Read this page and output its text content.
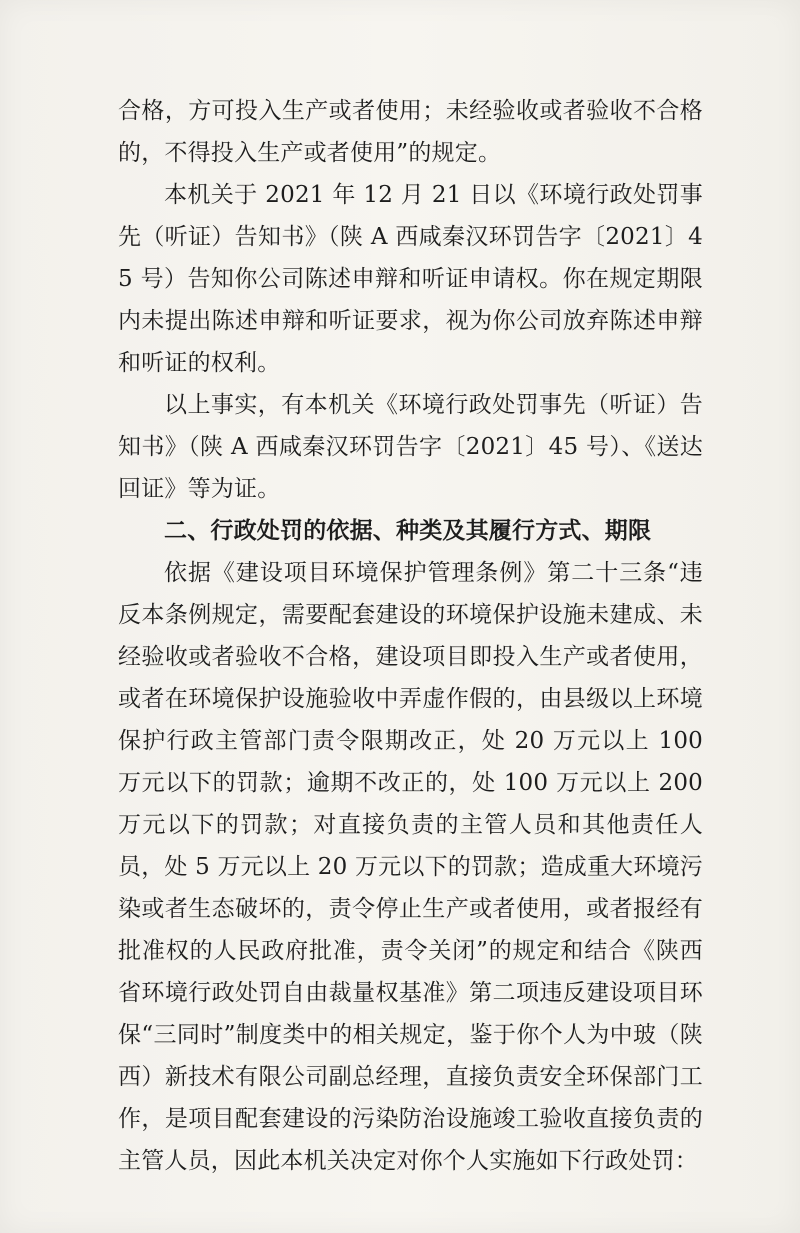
合格，方可投入生产或者使用；未经验收或者验收不合格的，不得投入生产或者使用”的规定。

本机关于 2021 年 12 月 21 日以《环境行政处罚事先（听证）告知书》（陕 A 西咸秦汉环罚告字〔2021〕45 号）告知你公司陈述申辩和听证申请权。你在规定期限内未提出陈述申辩和听证要求，视为你公司放弃陈述申辩和听证的权利。

以上事实，有本机关《环境行政处罚事先（听证）告知书》（陕 A 西咸秦汉环罚告字〔2021〕45 号）、《送达回证》等为证。

二、行政处罚的依据、种类及其履行方式、期限

依据《建设项目环境保护管理条例》第二十三条“违反本条例规定，需要配套建设的环境保护设施未建成、未经验收或者验收不合格，建设项目即投入生产或者使用，或者在环境保护设施验收中弄虚作假的，由县级以上环境保护行政主管部门责令限期改正，处 20 万元以上 100 万元以下的罚款；逾期不改正的，处 100 万元以上 200 万元以下的罚款；对直接负责的主管人员和其他责任人员，处 5 万元以上 20 万元以下的罚款；造成重大环境污染或者生态破坏的，责令停止生产或者使用，或者报经有批准权的人民政府批准，责令关闭”的规定和结合《陕西省环境行政处罚自由裁量权基准》第二项违反建设项目环保“三同时”制度类中的相关规定，鉴于你个人为中玻（陕西）新技术有限公司副总经理，直接负责安全环保部门工作，是项目配套建设的污染防治设施竣工验收直接负责的主管人员，因此本机关决定对你个人实施如下行政处罚：
